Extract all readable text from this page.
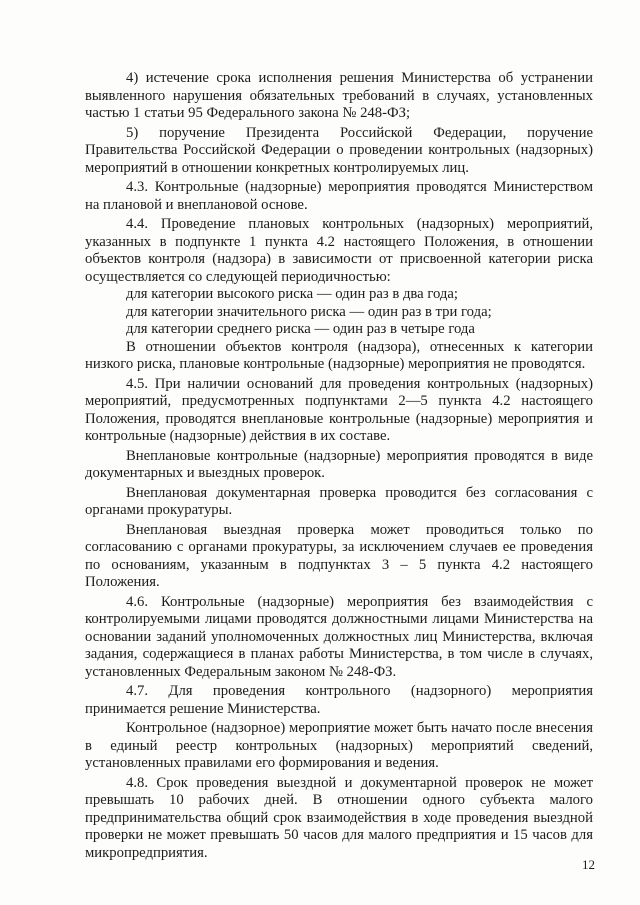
4) истечение срока исполнения решения Министерства об устранении выявленного нарушения обязательных требований в случаях, установленных частью 1 статьи 95 Федерального закона № 248-ФЗ;

5) поручение Президента Российской Федерации, поручение Правительства Российской Федерации о проведении контрольных (надзорных) мероприятий в отношении конкретных контролируемых лиц.

4.3. Контрольные (надзорные) мероприятия проводятся Министерством на плановой и внеплановой основе.

4.4. Проведение плановых контрольных (надзорных) мероприятий, указанных в подпункте 1 пункта 4.2 настоящего Положения, в отношении объектов контроля (надзора) в зависимости от присвоенной категории риска осуществляется со следующей периодичностью:

для категории высокого риска — один раз в два года;

для категории значительного риска — один раз в три года;

для категории среднего риска — один раз в четыре года

В отношении объектов контроля (надзора), отнесенных к категории низкого риска, плановые контрольные (надзорные) мероприятия не проводятся.

4.5. При наличии оснований для проведения контрольных (надзорных) мероприятий, предусмотренных подпунктами 2—5 пункта 4.2 настоящего Положения, проводятся внеплановые контрольные (надзорные) мероприятия и контрольные (надзорные) действия в их составе.

Внеплановые контрольные (надзорные) мероприятия проводятся в виде документарных и выездных проверок.

Внеплановая документарная проверка проводится без согласования с органами прокуратуры.

Внеплановая выездная проверка может проводиться только по согласованию с органами прокуратуры, за исключением случаев ее проведения по основаниям, указанным в подпунктах 3 – 5 пункта 4.2 настоящего Положения.

4.6. Контрольные (надзорные) мероприятия без взаимодействия с контролируемыми лицами проводятся должностными лицами Министерства на основании заданий уполномоченных должностных лиц Министерства, включая задания, содержащиеся в планах работы Министерства, в том числе в случаях, установленных Федеральным законом № 248-ФЗ.

4.7. Для проведения контрольного (надзорного) мероприятия принимается решение Министерства.

Контрольное (надзорное) мероприятие может быть начато после внесения в единый реестр контрольных (надзорных) мероприятий сведений, установленных правилами его формирования и ведения.

4.8. Срок проведения выездной и документарной проверок не может превышать 10 рабочих дней. В отношении одного субъекта малого предпринимательства общий срок взаимодействия в ходе проведения выездной проверки не может превышать 50 часов для малого предприятия и 15 часов для микропредприятия.

12
